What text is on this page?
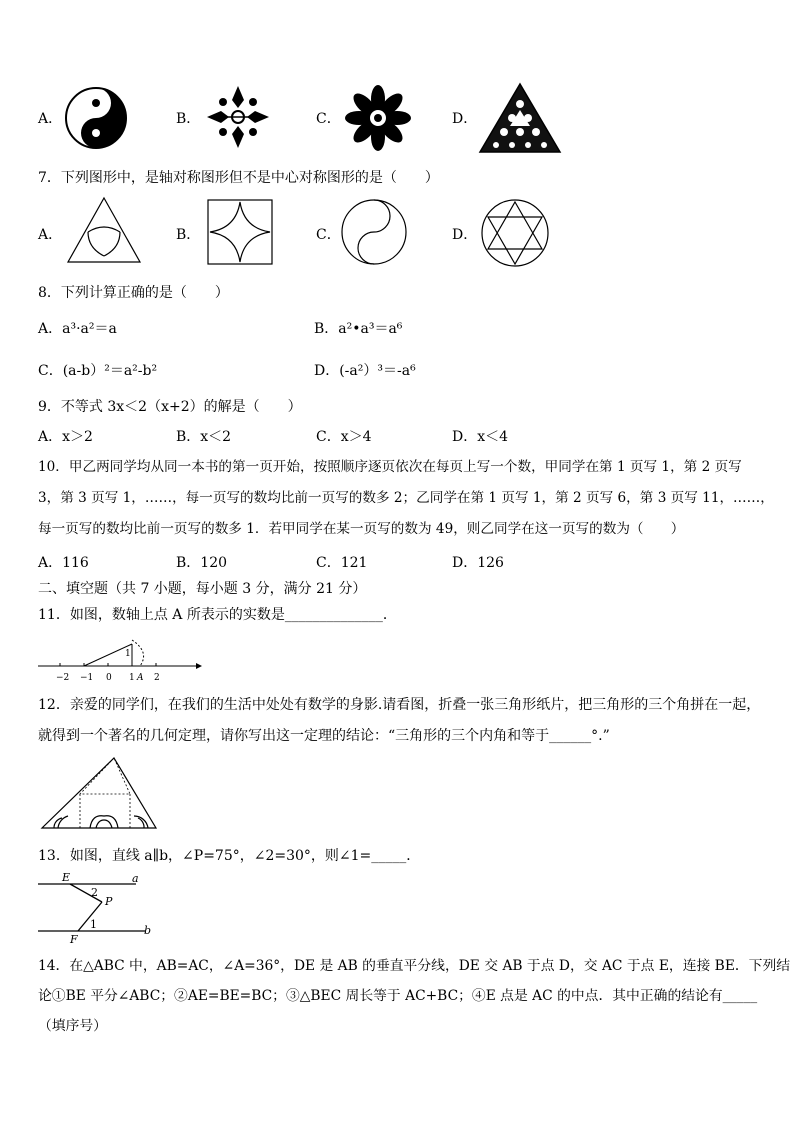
A．	B．	C．	D．
7．下列图形中，是轴对称图形但不是中心对称图形的是（　　）
A．	B．	C．	D．
8．下列计算正确的是（　　）
A．a³·a²＝a	B．a²•a³＝a⁶
C．(a-b）²＝a²-b²	D．(-a²）³＝-a⁶
9．不等式 3x＜2（x+2）的解是（　　）
A．x＞2	B．x＜2	C．x＞4	D．x＜4
10．甲乙两同学均从同一本书的第一页开始，按照顺序逐页依次在每页上写一个数，甲同学在第 1 页写 1，第 2 页写
3，第 3 页写 1，……，每一页写的数均比前一页写的数多 2；乙同学在第 1 页写 1，第 2 页写 6，第 3 页写 11，……，
每一页写的数均比前一页写的数多 1．若甲同学在某一页写的数为 49，则乙同学在这一页写的数为（　　）
A．116	B．120	C．121	D．126
二、填空题（共 7 小题，每小题 3 分，满分 21 分）
11．如图，数轴上点 A 所表示的实数是______________．
−2 −1 0 1 A 2
1
12．亲爱的同学们，在我们的生活中处处有数学的身影.请看图，折叠一张三角形纸片，把三角形的三个角拼在一起，
就得到一个著名的几何定理，请你写出这一定理的结论：“三角形的三个内角和等于______°.”
13．如图，直线 a∥b，∠P=75°，∠2=30°，则∠1=_____．
E	a
2
P
1
F
b
14．在△ABC 中，AB=AC，∠A=36°，DE 是 AB 的垂直平分线，DE 交 AB 于点 D，交 AC 于点 E，连接 BE．下列结
论①BE 平分∠ABC；②AE=BE=BC；③△BEC 周长等于 AC+BC；④E 点是 AC 的中点．其中正确的结论有_____
（填序号）
